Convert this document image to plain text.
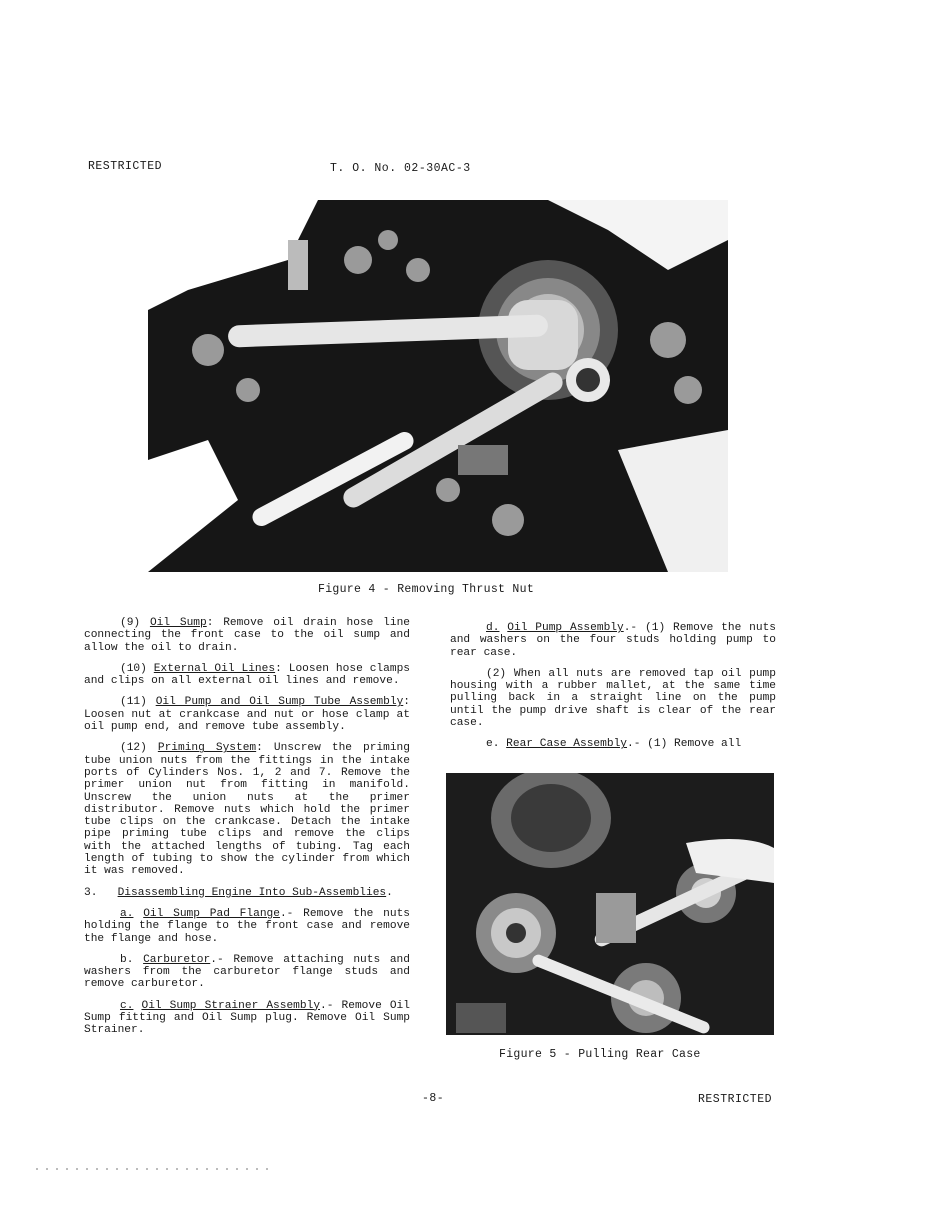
RESTRICTED	T. O. No. 02-30AC-3
Figure 4 - Removing Thrust Nut

(9) Oil Sump: Remove oil drain hose line connecting the front case to the oil sump and allow the oil to drain.

(10) External Oil Lines: Loosen hose clamps and clips on all external oil lines and remove.

(11) Oil Pump and Oil Sump Tube Assembly: Loosen nut at crankcase and nut or hose clamp at oil pump end, and remove tube assembly.

(12) Priming System: Unscrew the priming tube union nuts from the fittings in the intake ports of Cylinders Nos. 1, 2 and 7. Remove the primer union nut from fitting in manifold. Unscrew the union nuts at the primer distributor. Remove nuts which hold the primer tube clips on the crankcase. Detach the intake pipe priming tube clips and remove the clips with the attached lengths of tubing. Tag each length of tubing to show the cylinder from which it was removed.

3. Disassembling Engine Into Sub-Assemblies.

a. Oil Sump Pad Flange.- Remove the nuts holding the flange to the front case and remove the flange and hose.

b. Carburetor.- Remove attaching nuts and washers from the carburetor flange studs and remove carburetor.

c. Oil Sump Strainer Assembly.- Remove Oil Sump fitting and Oil Sump plug. Remove Oil Sump Strainer.

d. Oil Pump Assembly.- (1) Remove the nuts and washers on the four studs holding pump to rear case.

(2) When all nuts are removed tap oil pump housing with a rubber mallet, at the same time pulling back in a straight line on the pump until the pump drive shaft is clear of the rear case.

e. Rear Case Assembly.- (1) Remove all

Figure 5 - Pulling Rear Case
-8-	RESTRICTED
